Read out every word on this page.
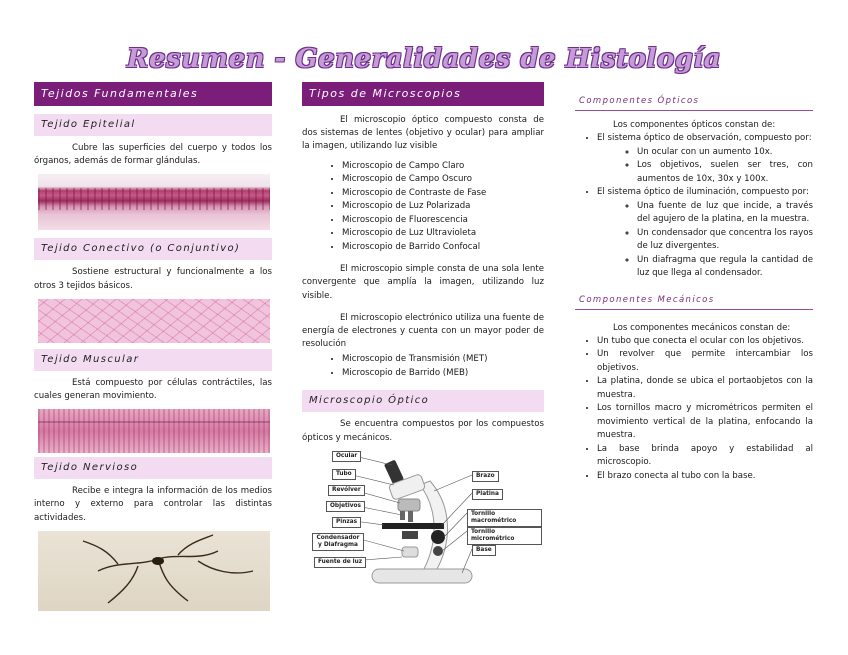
Resumen - Generalidades de Histología
Tejidos Fundamentales
Tejido Epitelial

Cubre las superficies del cuerpo y todos los órganos, además de formar glándulas.

Tejido Conectivo (o Conjuntivo)

Sostiene estructural y funcionalmente a los otros 3 tejidos básicos.

Tejido Muscular

Está compuesto por células contráctiles, las cuales generan movimiento.

Tejido Nervioso

Recibe e integra la información de los medios interno y externo para controlar las distintas actividades.

Tipos de Microscopios

El microscopio óptico compuesto consta de dos sistemas de lentes (objetivo y ocular) para ampliar la imagen, utilizando luz visible

• Microscopio de Campo Claro
• Microscopio de Campo Oscuro
• Microscopio de Contraste de Fase
• Microscopio de Luz Polarizada
• Microscopio de Fluorescencia
• Microscopio de Luz Ultravioleta
• Microscopio de Barrido Confocal

El microscopio simple consta de una sola lente convergente que amplía la imagen, utilizando luz visible.

El microscopio electrónico utiliza una fuente de energía de electrones y cuenta con un mayor poder de resolución

• Microscopio de Transmisión (MET)
• Microscopio de Barrido (MEB)
Microscopio Óptico

Se encuentra compuestos por los compuestos ópticos y mecánicos.

Ocular
Tubo
Revólver
Objetivos
Pinzas
Condensador y Diafragma
Fuente de luz
Brazo
Platina
Tornillo macrométrico
Tornillo micrométrico
Base
Componentes Ópticos

Los componentes ópticos constan de:

• El sistema óptico de observación, compuesto por:
◦ Un ocular con un aumento 10x.
◦ Los objetivos, suelen ser tres, con aumentos de 10x, 30x y 100x.
• El sistema óptico de iluminación, compuesto por:
◦ Una fuente de luz que incide, a través del agujero de la platina, en la muestra.
◦ Un condensador que concentra los rayos de luz divergentes.
◦ Un diafragma que regula la cantidad de luz que llega al condensador.
Componentes Mecánicos

Los componentes mecánicos constan de:

• Un tubo que conecta el ocular con los objetivos.
• Un revolver que permite intercambiar los objetivos.
• La platina, donde se ubica el portaobjetos con la muestra.
• Los tornillos macro y micrométricos permiten el movimiento vertical de la platina, enfocando la muestra.
• La base brinda apoyo y estabilidad al microscopio.
• El brazo conecta al tubo con la base.
